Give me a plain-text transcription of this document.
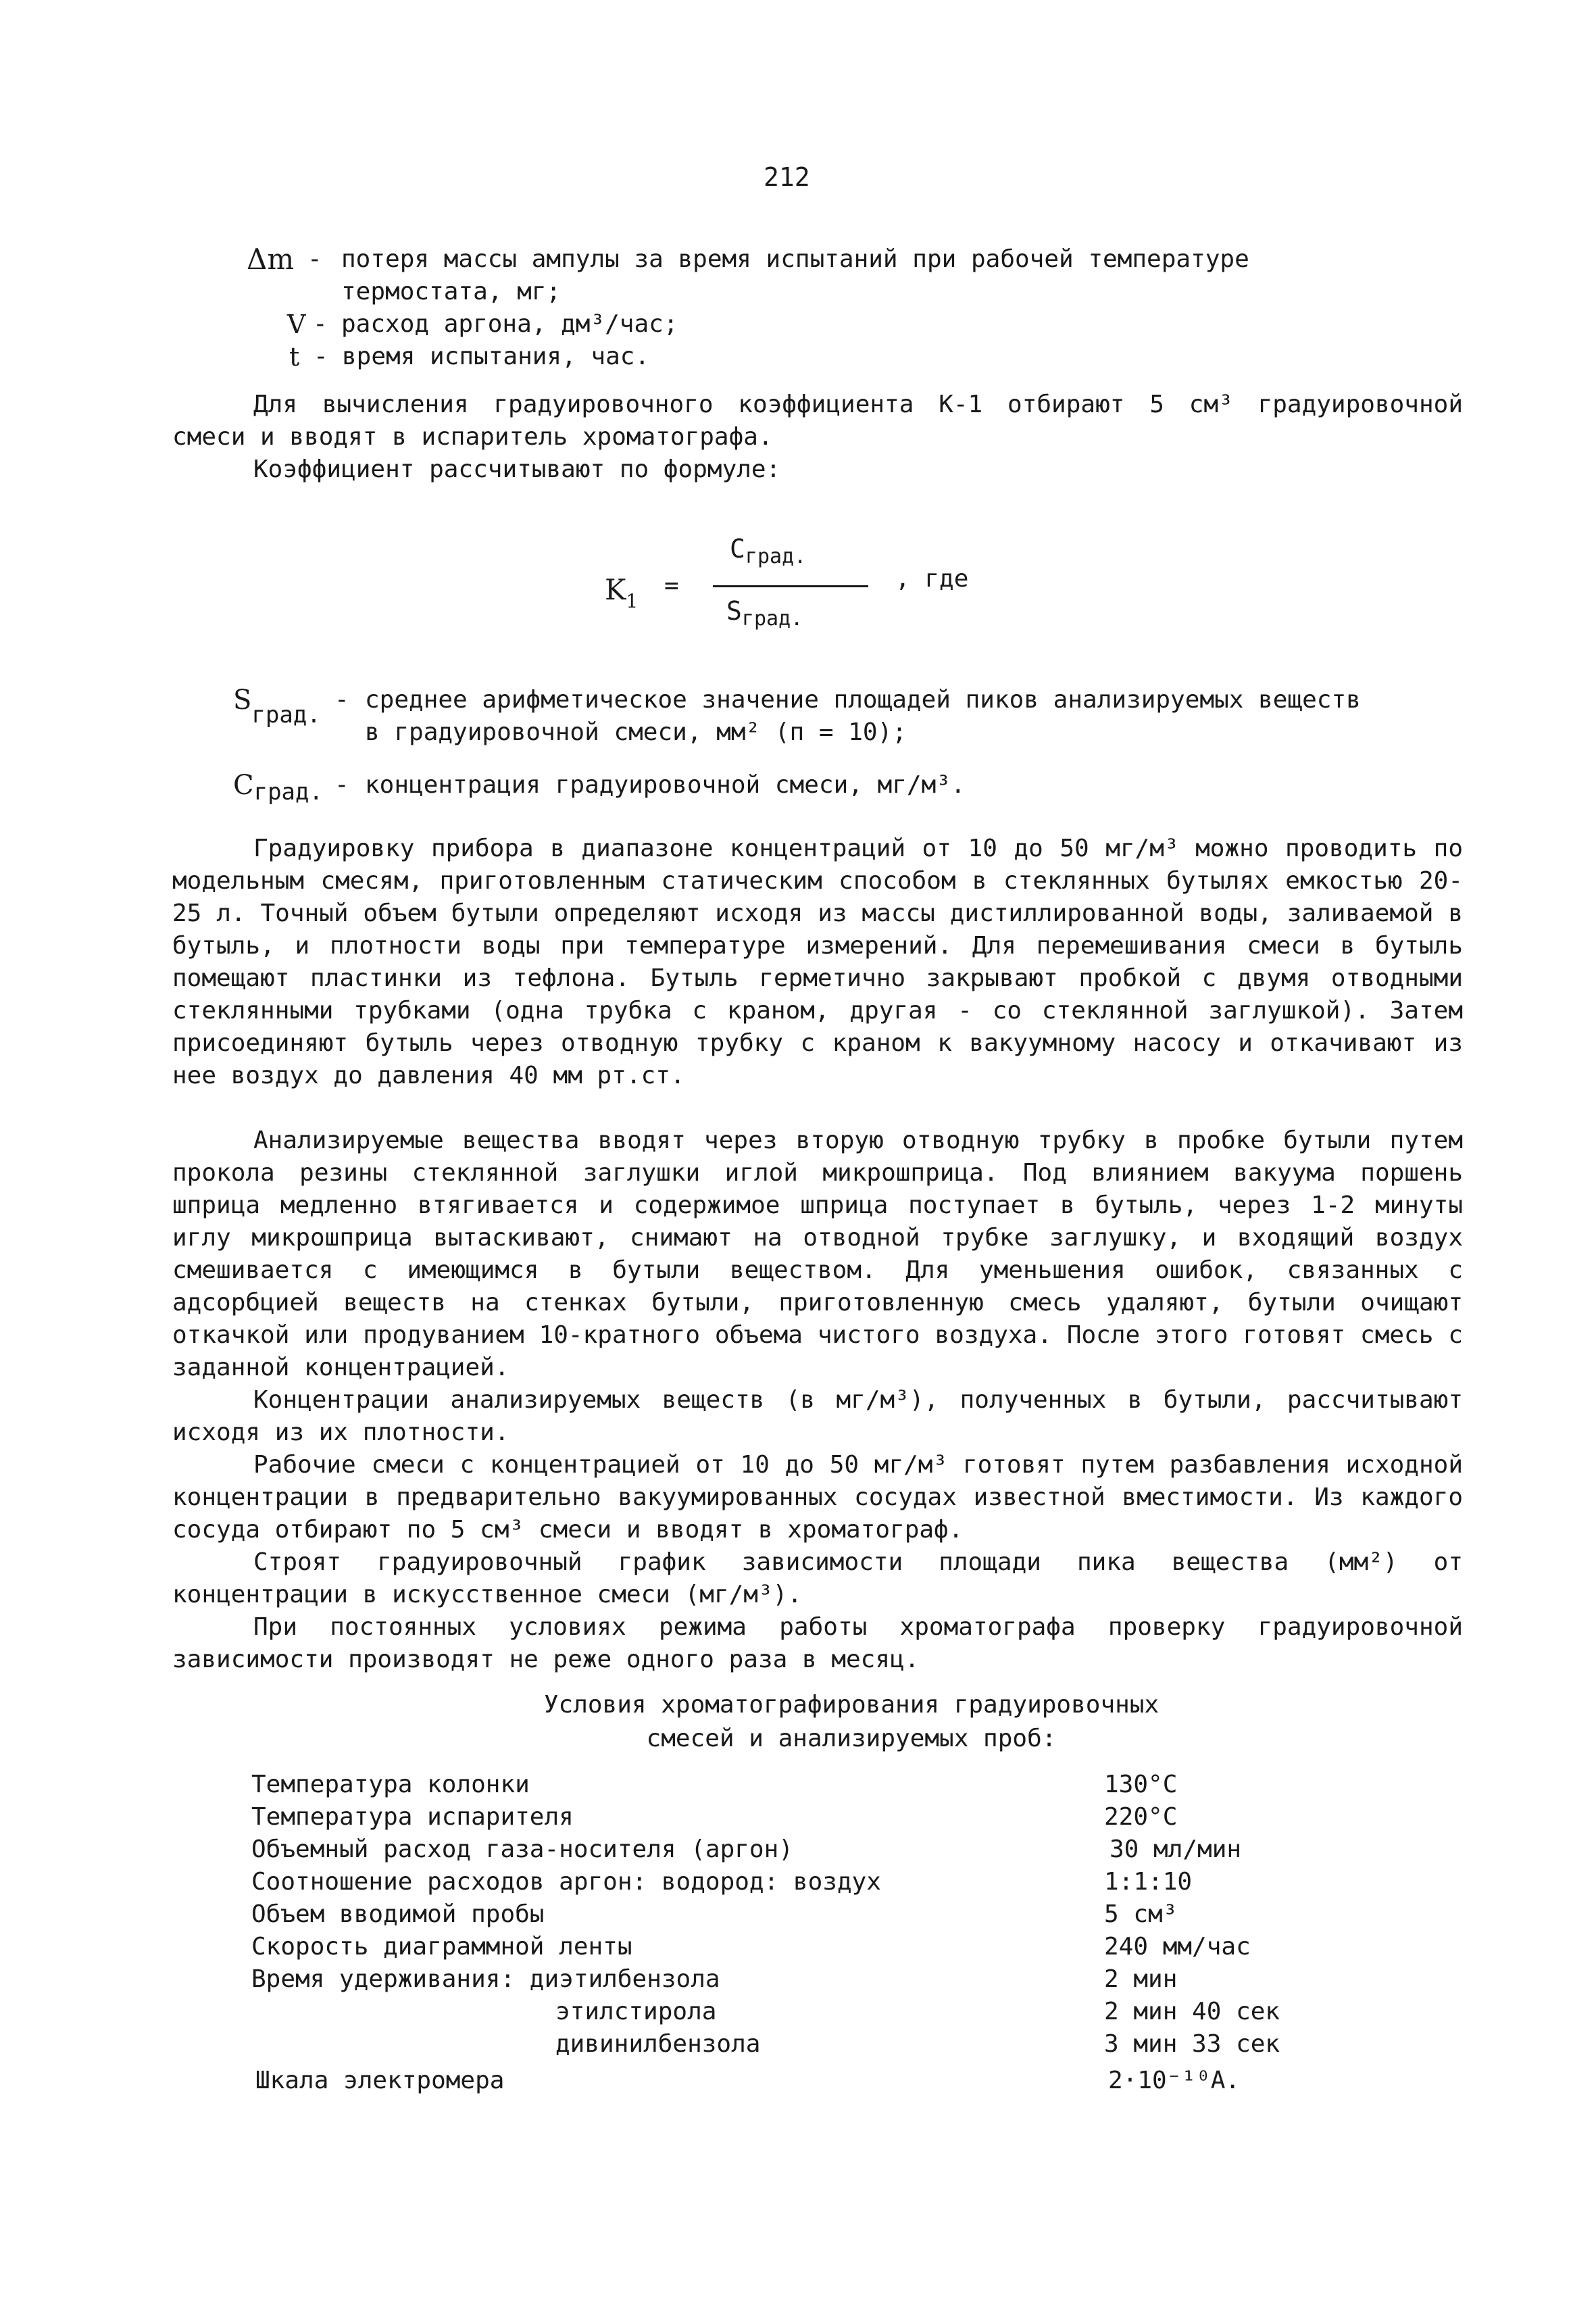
212
Δm - потеря массы ампулы за время испытаний при рабочей температуре
термостата, мг;
V - расход аргона, дм³/час;
t - время испытания, час.

Для вычисления градуировочного коэффициента К-1 отбирают 5 см³ градуировочной смеси и вводят в испаритель хроматографа.

Коэффициент рассчитывают по формуле:

$K_1$
=
$C_{град.}$
$S_{град.}$
, где
Sград.
- среднее арифметическое значение площадей пиков анализируемых веществ
в градуировочной смеси, мм² (п = 10);
Cград. - концентрация градуировочной смеси, мг/м³.

Градуировку прибора в диапазоне концентраций от 10 до 50 мг/м³ можно проводить по модельным смесям, приготовленным статическим способом в стеклянных бутылях емкостью 20-25 л. Точный объем бутыли определяют исходя из массы дистиллированной воды, заливаемой в бутыль, и плотности воды при температуре измерений. Для перемешивания смеси в бутыль помещают пластинки из тефлона. Бутыль герметично закрывают пробкой с двумя отводными стеклянными трубками (одна трубка с краном, другая - со стеклянной заглушкой). Затем присоединяют бутыль через отводную трубку с краном к вакуумному насосу и откачивают из нее воздух до давления 40 мм рт.ст.

Анализируемые вещества вводят через вторую отводную трубку в пробке бутыли путем прокола резины стеклянной заглушки иглой микрошприца. Под влиянием вакуума поршень шприца медленно втягивается и содержимое шприца поступает в бутыль, через 1-2 минуты иглу микрошприца вытаскивают, снимают на отводной трубке заглушку, и входящий воздух смешивается с имеющимся в бутыли веществом. Для уменьшения ошибок, связанных с адсорбцией веществ на стенках бутыли, приготовленную смесь удаляют, бутыли очищают откачкой или продуванием 10-кратного объема чистого воздуха. После этого готовят смесь с заданной концентрацией.

Концентрации анализируемых веществ (в мг/м³), полученных в бутыли, рассчитывают исходя из их плотности.

Рабочие смеси с концентрацией от 10 до 50 мг/м³ готовят путем разбавления исходной концентрации в предварительно вакуумированных сосудах известной вместимости. Из каждого сосуда отбирают по 5 см³ смеси и вводят в хроматограф.

Строят градуировочный график зависимости площади пика вещества (мм²) от концентрации в искусственное смеси (мг/м³).

При постоянных условиях режима работы хроматографа проверку градуировочной зависимости производят не реже одного раза в месяц.

Условия хроматографирования градуировочных
смесей и анализируемых проб:
Температура колонки	130°C
Температура испарителя	220°C
Объемный расход газа-носителя (аргон)	30 мл/мин
Соотношение расходов аргон: водород: воздух	1:1:10
Объем вводимой пробы	5 см³
Скорость диаграммной ленты	240 мм/час
Время удерживания: диэтилбензола	2 мин
этилстирола	2 мин 40 сек
дивинилбензола	3 мин 33 сек
Шкала электромера	2·10⁻¹⁰A.
